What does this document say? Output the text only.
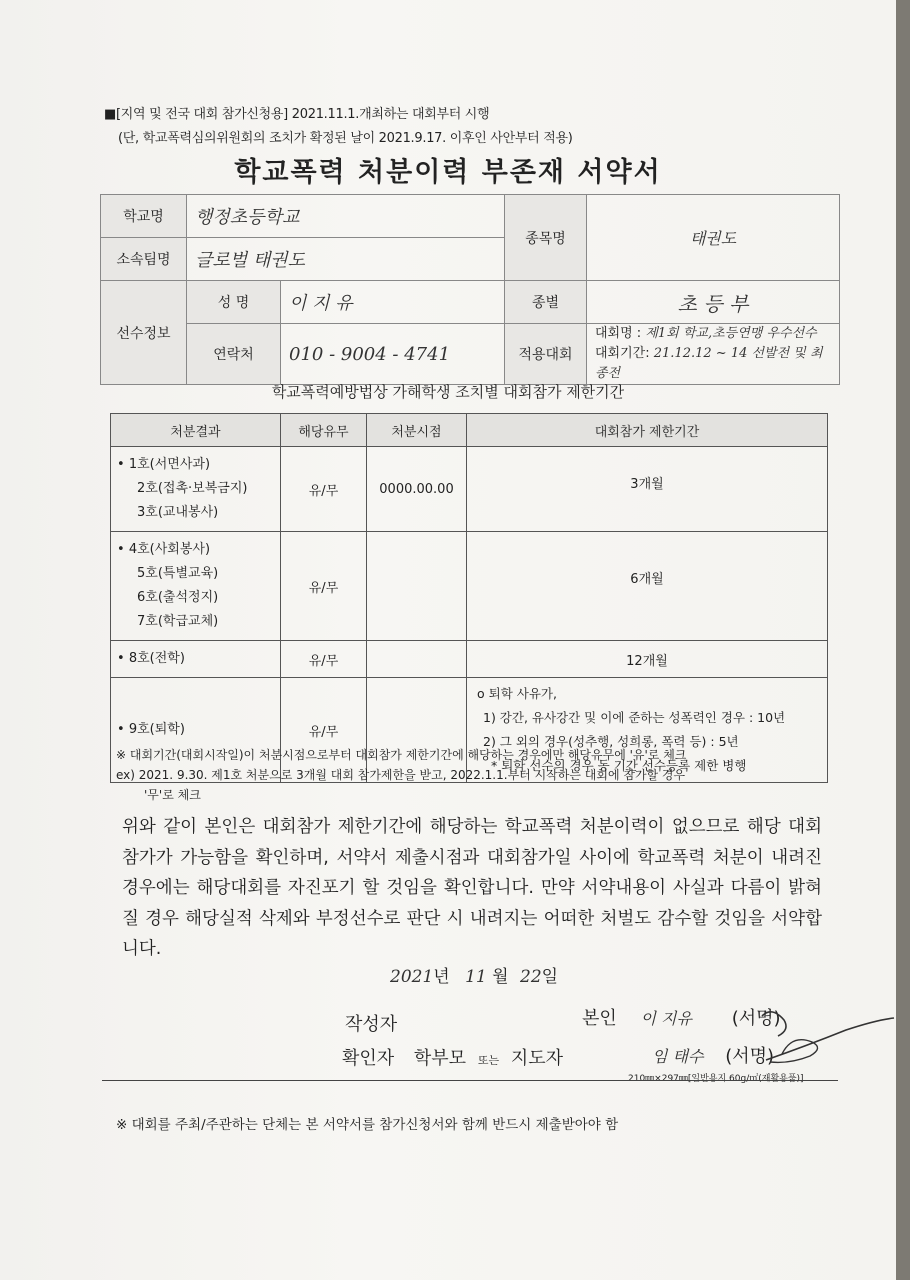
■[지역 및 전국 대회 참가신청용] 2021.11.1.개최하는 대회부터 시행
(단, 학교폭력심의위원회의 조치가 확정된 날이 2021.9.17. 이후인 사안부터 적용)
학교폭력 처분이력 부존재 서약서
학교명	행정초등학교		종목명	태권도
소속팀명	글로벌 태권도			
선수정보	성 명	이 지 유	종별	초 등 부
	연락처	010 - 9004 - 4741	적용대회	대회명 : 제1회 학교,초등연맹 우수선수
대회기간: 21.12.12 ~ 14 선발전 및 최종전
학교폭력예방법상 가해학생 조치별 대회참가 제한기간
처분결과	해당유무	처분시점	대회참가 제한기간

• 1호(서면사과)
2호(접촉·보복금지)
3호(교내봉사)	유/무	0000.00.00	3개월

• 4호(사회봉사)
5호(특별교육)
6호(출석정지)
7호(학급교체)	유/무		6개월

• 8호(전학)	유/무		12개월

• 9호(퇴학)	유/무		o 퇴학 사유가,
1) 강간, 유사강간 및 이에 준하는 성폭력인 경우 : 10년
2) 그 외의 경우(성추행, 성희롱, 폭력 등) : 5년
* 퇴학 선수의 경우 동 기간 선수등록 제한 병행
※ 대회기간(대회시작일)이 처분시점으로부터 대회참가 제한기간에 해당하는 경우에만 해당유무에 '유'로 체크
ex) 2021. 9.30. 제1호 처분으로 3개월 대회 참가제한을 받고, 2022.1.1.부터 시작하는 대회에 참가할 경우
'무'로 체크
위와 같이 본인은 대회참가 제한기간에 해당하는 학교폭력 처분이력이 없으므로 해당 대회 참가가 가능함을 확인하며, 서약서 제출시점과 대회참가일 사이에 학교폭력 처분이 내려진 경우에는 해당대회를 자진포기 할 것임을 확인합니다. 만약 서약내용이 사실과 다름이 밝혀질 경우 해당실적 삭제와 부정선수로 판단 시 내려지는 어떠한 처벌도 감수할 것임을 서약합니다.
2021년 11 월 22일
작성자	본인 이 지유 (서명)
확인자 학부모 또는 지도자	임 태수 (서명)
210㎜×297㎜[일반용지 60g/㎡(재활용품)]
※ 대회를 주최/주관하는 단체는 본 서약서를 참가신청서와 함께 반드시 제출받아야 함
